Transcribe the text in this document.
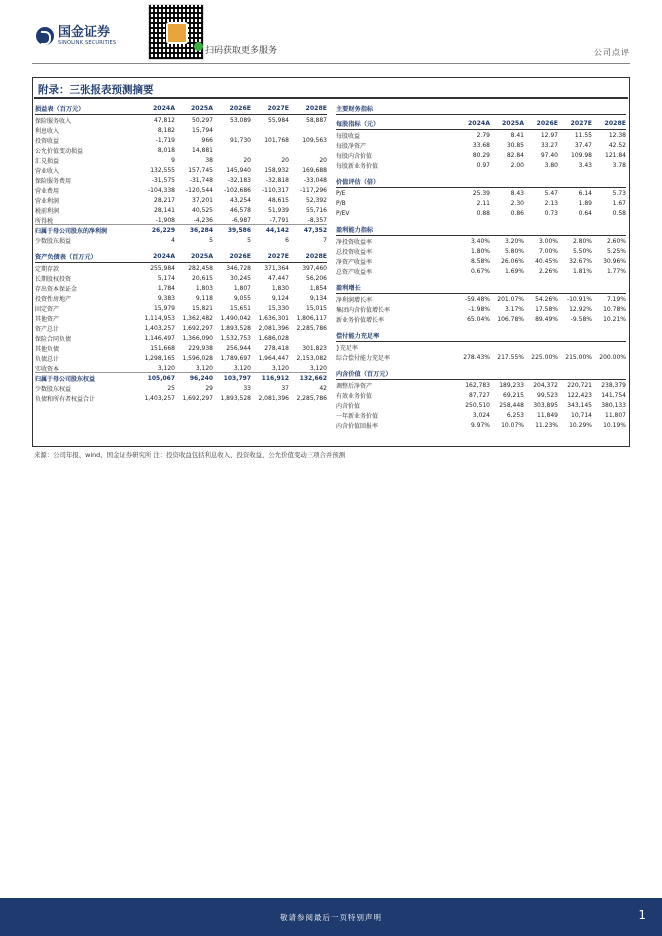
国金证券
SINOLINK SECURITIES
扫码获取更多服务	公司点评
附录：三张报表预测摘要
损益表（百万元）	2024A	2025A	2026E	2027E	2028E
保险服务收入	47,812	50,297	53,089	55,984	58,887
利息收入	8,182	15,794
投资收益	-1,719	966	91,730	101,768	109,563
公允价值变动损益	8,018	14,881
汇兑损益	9	38	20	20	20
营业收入	132,555	157,745	145,940	158,932	169,688
保险服务费用	-31,575	-31,748	-32,183	-32,818	-33,048
营业费用	-104,338	-120,544	-102,686	-110,317	-117,296
营业利润	28,217	37,201	43,254	48,615	52,392
税前利润	28,141	40,525	46,578	51,939	55,716
所得税	-1,908	-4,236	-6,987	-7,791	-8,357
归属于母公司股东的净利润	26,229	36,284	39,586	44,142	47,352
少数股东损益	4	5	5	6	7
资产负债表（百万元）	2024A	2025A	2026E	2027E	2028E
定期存款	255,984	282,458	346,728	371,364	397,460
长期股权投资	5,174	20,615	30,245	47,447	56,206
存出资本保证金	1,784	1,803	1,807	1,830	1,854
投资性房地产	9,383	9,118	9,055	9,124	9,134
固定资产	15,979	15,821	15,651	15,330	15,015
其他资产	1,114,953	1,362,482	1,490,042	1,636,301	1,806,117
资产总计	1,403,257	1,692,297	1,893,528	2,081,396	2,285,786
保险合同负债	1,146,497	1,366,090	1,532,753	1,686,028
其他负债	151,668	229,938	256,944	278,418	301,823
负债总计	1,298,165	1,596,028	1,789,697	1,964,447	2,153,082
实收资本	3,120	3,120	3,120	3,120	3,120
归属于母公司股东权益	105,067	96,240	103,797	116,912	132,662
少数股东权益	25	29	33	37	42
负债和所有者权益合计	1,403,257	1,692,297	1,893,528	2,081,396	2,285,786
主要财务指标
每股指标（元）	2024A	2025A	2026E	2027E	2028E
每股收益	2.79	8.41	12.97	11.55	12.38
每股净资产	33.68	30.85	33.27	37.47	42.52
每股内含价值	80.29	82.84	97.40	109.98	121.84
每股新业务价值	0.97	2.00	3.80	3.43	3.78
价值评估（倍）
P/E	25.39	8.43	5.47	6.14	5.73
P/B	2.11	2.30	2.13	1.89	1.67
P/EV	0.88	0.86	0.73	0.64	0.58
盈利能力指标
净投资收益率	3.40%	3.20%	3.00%	2.80%	2.60%
总投资收益率	1.80%	5.80%	7.00%	5.50%	5.25%
净资产收益率	8.58%	26.06%	40.45%	32.67%	30.96%
总资产收益率	0.67%	1.69%	2.26%	1.81%	1.77%
盈利增长
净利润增长率	-59.48%	201.07%	54.26%	-10.91%	7.19%
集团内含价值增长率	-1.98%	3.17%	17.58%	12.92%	10.78%
新业务价值增长率	65.04%	106.78%	89.49%	-9.58%	10.21%
偿付能力充足率
}充足率
综合偿付能力充足率	278.43%	217.55%	225.00%	215.00%	200.00%
内含价值（百万元）
调整后净资产	162,783	189,233	204,372	220,721	238,379
有效业务价值	87,727	69,215	99,523	122,423	141,754
内含价值	250,510	258,448	303,895	343,145	380,133
一年新业务价值	3,024	6,253	11,849	10,714	11,807
内含价值回报率	9.97%	10.07%	11.23%	10.29%	10.19%
来源：公司年报、wind、国金证券研究所 注：投资收益包括利息收入、投资收益、公允价值变动三项合并预测
敬请参阅最后一页特别声明	1
